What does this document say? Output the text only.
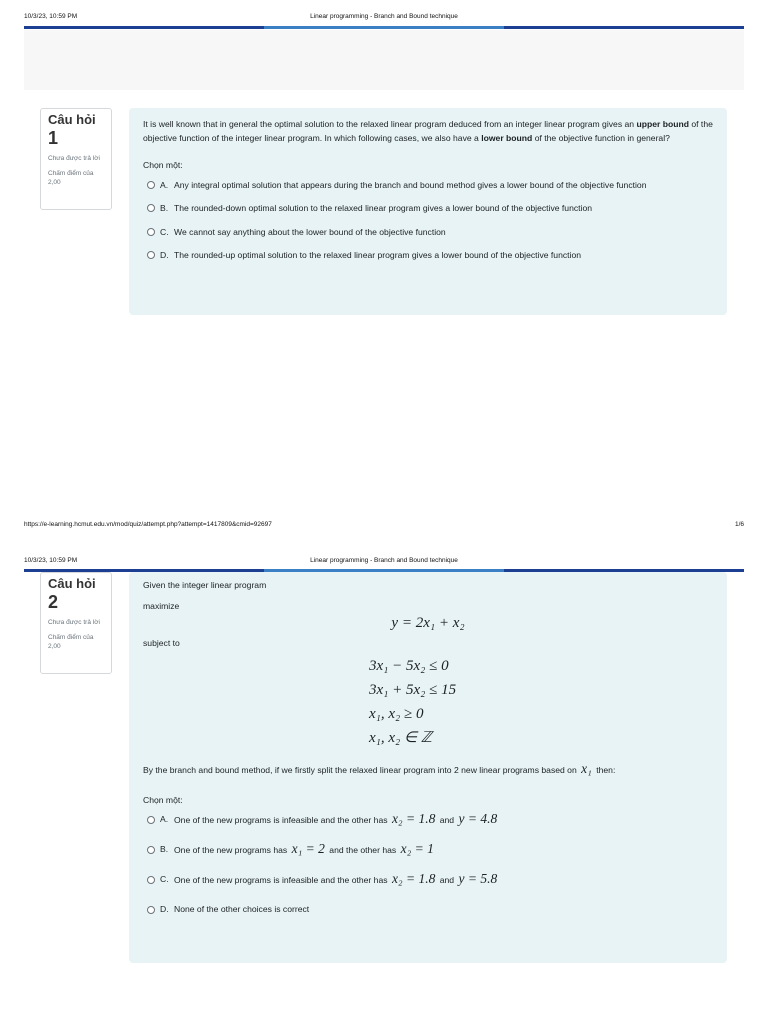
10/3/23, 10:59 PM	Linear programming - Branch and Bound technique
Câu hỏi
1
Chưa được trả lời
Chấm điểm của 2,00

It is well known that in general the optimal solution to the relaxed linear program deduced from an integer linear program gives an upper bound of the objective function of the integer linear program. In which following cases, we also have a lower bound of the objective function in general?

Chọn một:
A. Any integral optimal solution that appears during the branch and bound method gives a lower bound of the objective function
B. The rounded-down optimal solution to the relaxed linear program gives a lower bound of the objective function
C. We cannot say anything about the lower bound of the objective function
D. The rounded-up optimal solution to the relaxed linear program gives a lower bound of the objective function
https://e-learning.hcmut.edu.vn/mod/quiz/attempt.php?attempt=1417809&cmid=92697	1/6
10/3/23, 10:59 PM	Linear programming - Branch and Bound technique
Câu hỏi
2
Chưa được trả lời
Chấm điểm của 2,00

Given the integer linear program

maximize

y = 2x₁ + x₂

subject to

3x₁ − 5x₂ ≤ 0
3x₁ + 5x₂ ≤ 15
x₁, x₂ ≥ 0
x₁, x₂ ∈ ℤ

By the branch and bound method, if we firstly split the relaxed linear program into 2 new linear programs based on x₁ then:

Chọn một:
A. One of the new programs is infeasible and the other has x₂ = 1.8 and y = 4.8
B. One of the new programs has x₁ = 2 and the other has x₂ = 1
C. One of the new programs is infeasible and the other has x₂ = 1.8 and y = 5.8
D. None of the other choices is correct
